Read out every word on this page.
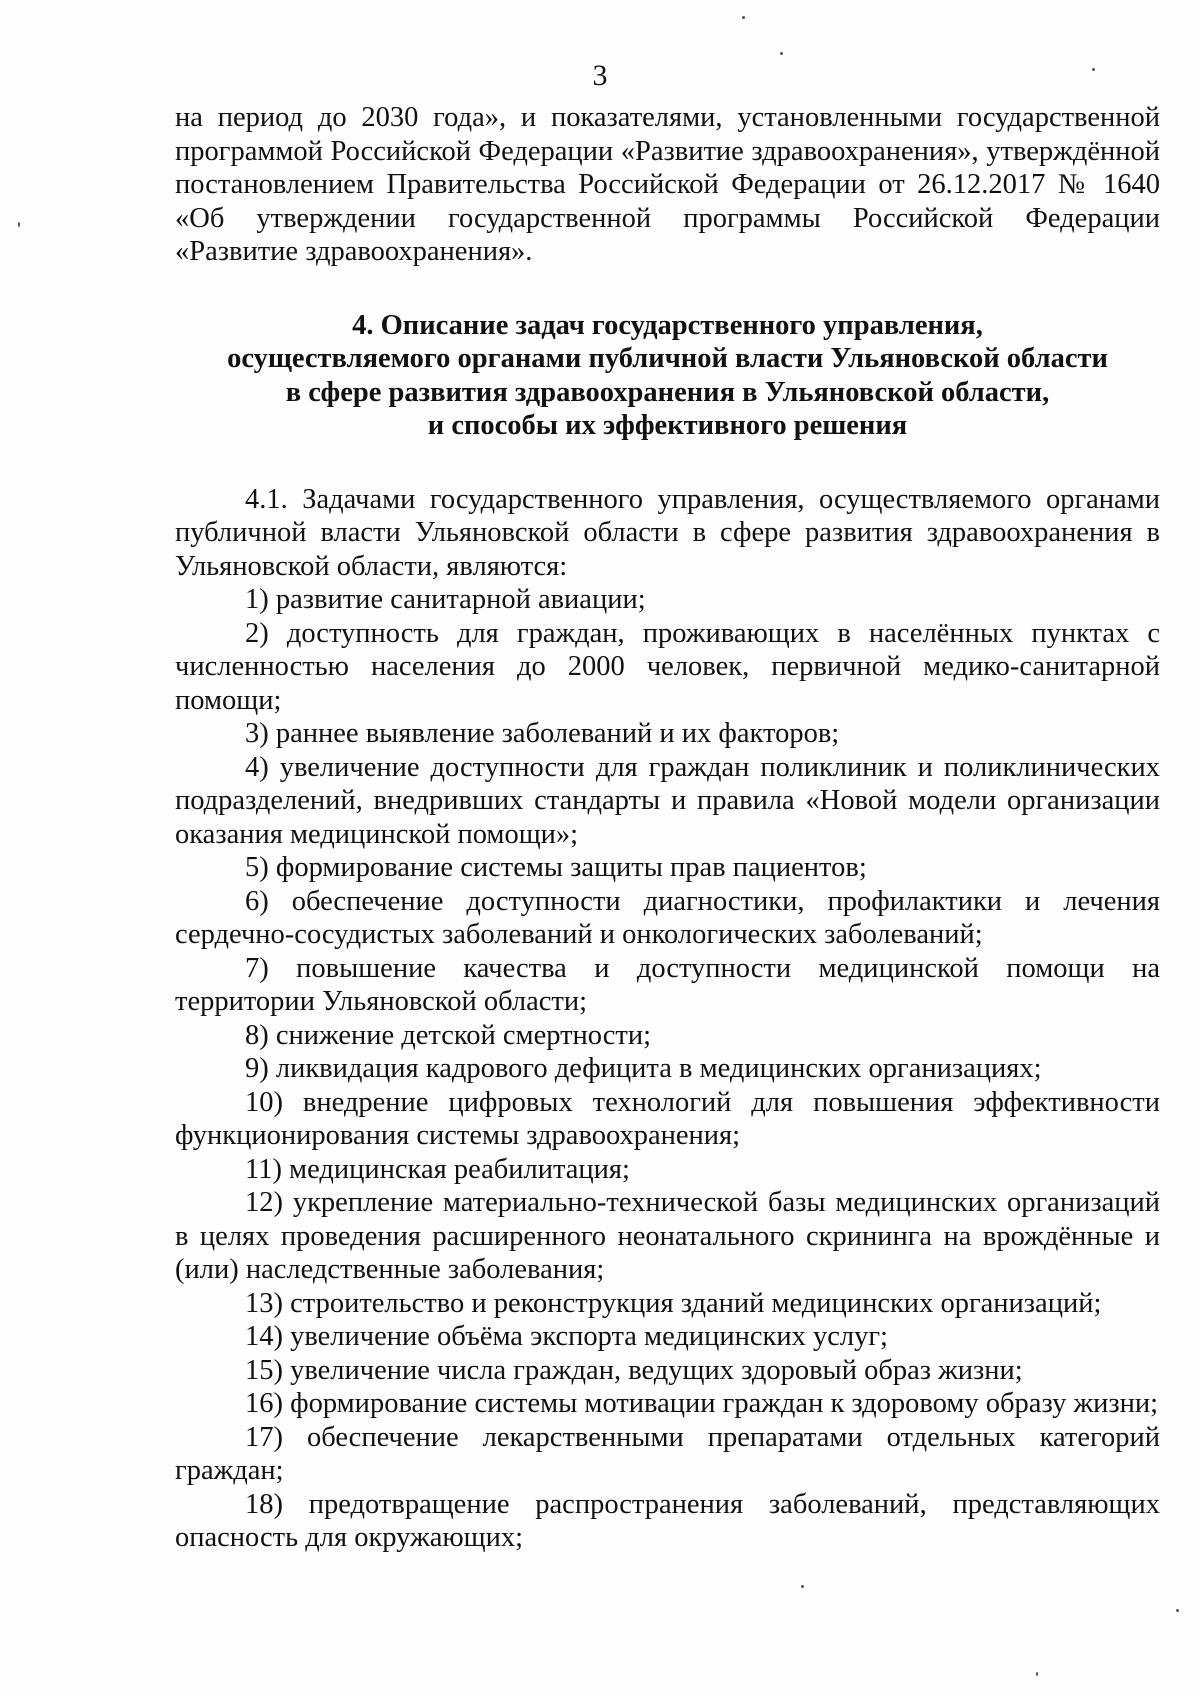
3

на период до 2030 года», и показателями, установленными государственной программой Российской Федерации «Развитие здравоохранения», утверждённой постановлением Правительства Российской Федерации от 26.12.2017 № 1640 «Об утверждении государственной программы Российской Федерации «Развитие здравоохранения».

4. Описание задач государственного управления,
осуществляемого органами публичной власти Ульяновской области
в сфере развития здравоохранения в Ульяновской области,
и способы их эффективного решения

4.1. Задачами государственного управления, осуществляемого органами публичной власти Ульяновской области в сфере развития здравоохранения в Ульяновской области, являются:

1) развитие санитарной авиации;

2) доступность для граждан, проживающих в населённых пунктах с численностью населения до 2000 человек, первичной медико-санитарной помощи;

3) раннее выявление заболеваний и их факторов;

4) увеличение доступности для граждан поликлиник и поликлинических подразделений, внедривших стандарты и правила «Новой модели организации оказания медицинской помощи»;

5) формирование системы защиты прав пациентов;

6) обеспечение доступности диагностики, профилактики и лечения сердечно-сосудистых заболеваний и онкологических заболеваний;

7) повышение качества и доступности медицинской помощи на территории Ульяновской области;

8) снижение детской смертности;

9) ликвидация кадрового дефицита в медицинских организациях;

10) внедрение цифровых технологий для повышения эффективности функционирования системы здравоохранения;

11) медицинская реабилитация;

12) укрепление материально-технической базы медицинских организаций в целях проведения расширенного неонатального скрининга на врождённые и (или) наследственные заболевания;

13) строительство и реконструкция зданий медицинских организаций;

14) увеличение объёма экспорта медицинских услуг;

15) увеличение числа граждан, ведущих здоровый образ жизни;

16) формирование системы мотивации граждан к здоровому образу жизни;

17) обеспечение лекарственными препаратами отдельных категорий граждан;

18) предотвращение распространения заболеваний, представляющих опасность для окружающих;
